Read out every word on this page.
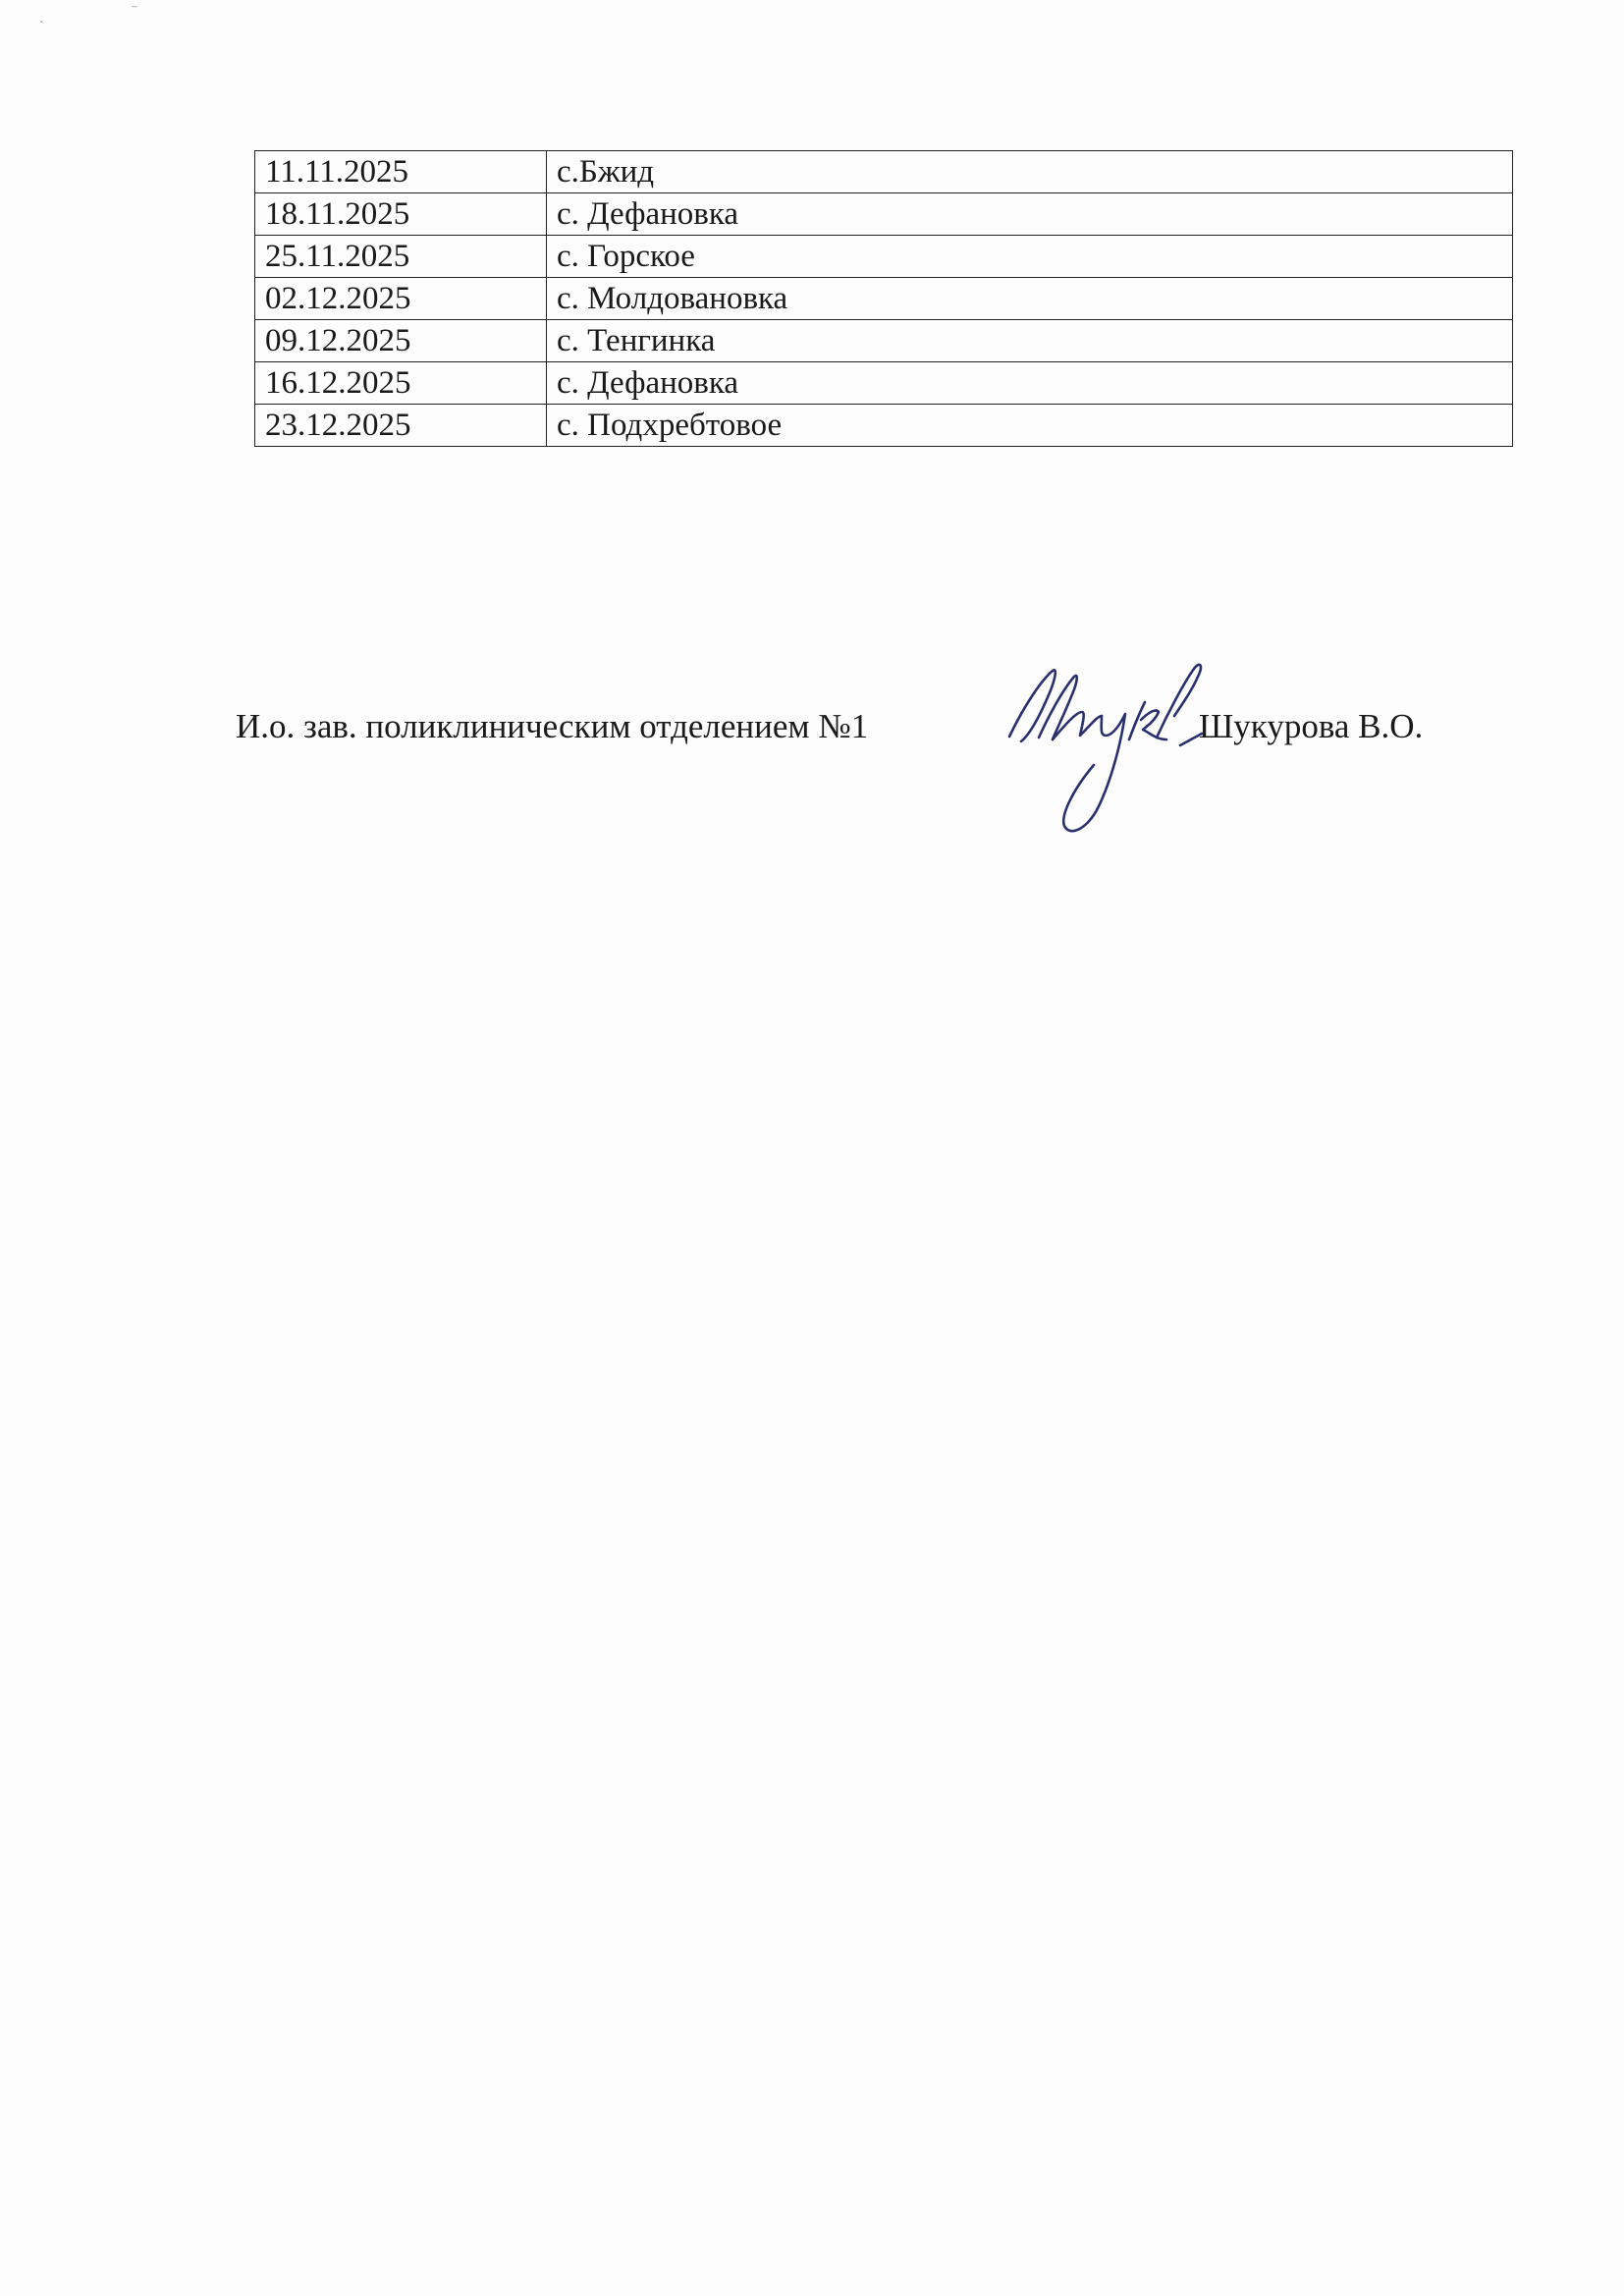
˴
⁻
11.11.2025	с.Бжид
18.11.2025	с. Дефановка
25.11.2025	с. Горское
02.12.2025	с. Молдовановка
09.12.2025	с. Тенгинка
16.12.2025	с. Дефановка
23.12.2025	с. Подхребтовое
И.о. зав. поликлиническим отделением №1	Шукурова В.О.
